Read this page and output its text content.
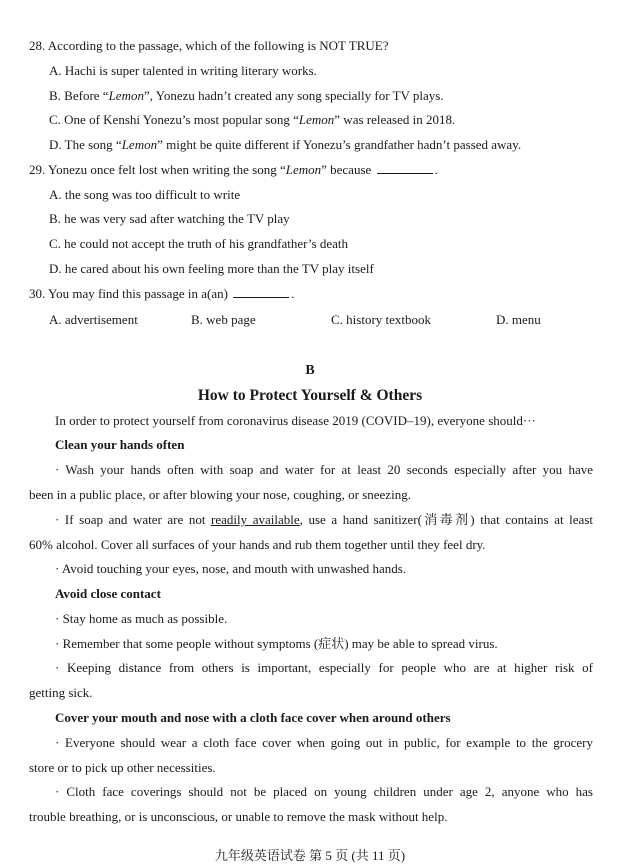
28. According to the passage, which of the following is NOT TRUE?
A. Hachi is super talented in writing literary works.
B. Before “Lemon”, Yonezu hadn’t created any song specially for TV plays.
C. One of Kenshi Yonezu’s most popular song “Lemon” was released in 2018.
D. The song “Lemon” might be quite different if Yonezu’s grandfather hadn’t passed away.
29. Yonezu once felt lost when writing the song “Lemon” because	.
A. the song was too difficult to write
B. he was very sad after watching the TV play
C. he could not accept the truth of his grandfather’s death
D. he cared about his own feeling more than the TV play itself
30. You may find this passage in a(an)	.
A. advertisement	B. web page	C. history textbook	D. menu
B
How to Protect Yourself & Others
In order to protect yourself from coronavirus disease 2019 (COVID–19), everyone should···
Clean your hands often
· Wash your hands often with soap and water for at least 20 seconds especially after you have
been in a public place, or after blowing your nose, coughing, or sneezing.
· If soap and water are not readily available, use a hand sanitizer(消毒剂) that contains at least
60% alcohol. Cover all surfaces of your hands and rub them together until they feel dry.
· Avoid touching your eyes, nose, and mouth with unwashed hands.
Avoid close contact
· Stay home as much as possible.
· Remember that some people without symptoms (症状) may be able to spread virus.
· Keeping distance from others is important, especially for people who are at higher risk of
getting sick.
Cover your mouth and nose with a cloth face cover when around others
· Everyone should wear a cloth face cover when going out in public, for example to the grocery
store or to pick up other necessities.
· Cloth face coverings should not be placed on young children under age 2, anyone who has
trouble breathing, or is unconscious, or unable to remove the mask without help.
九年级英语试卷 第 5 页 (共 11 页)
